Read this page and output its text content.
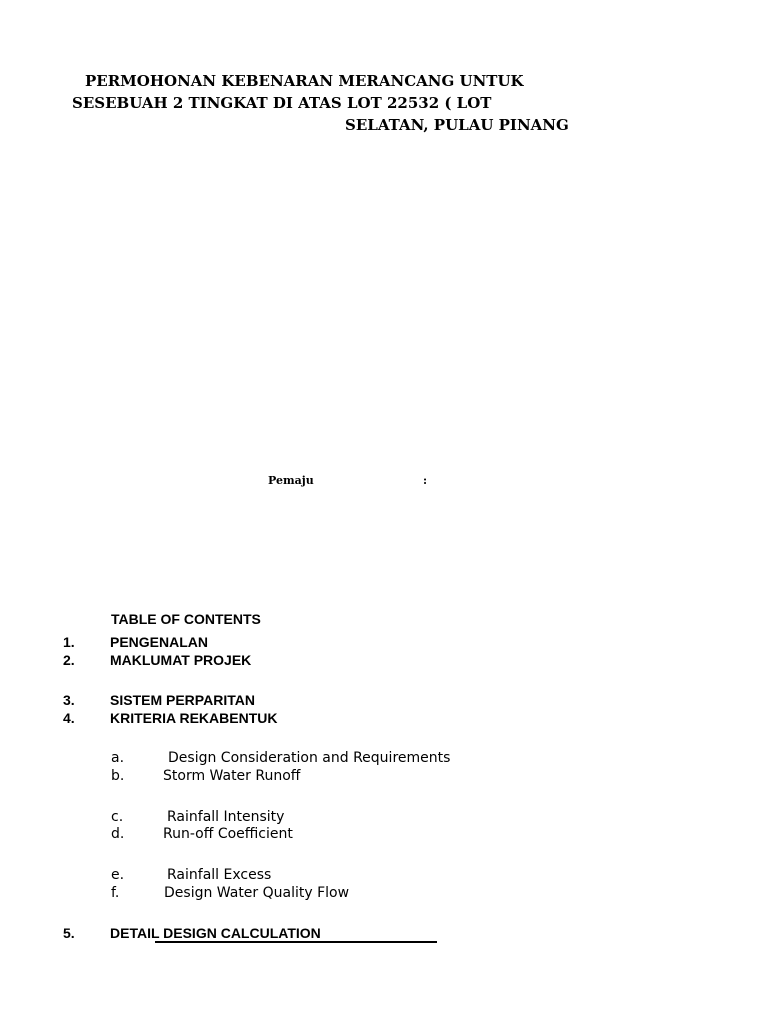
PERMOHONAN KEBENARAN MERANCANG UNTUK
SESEBUAH 2 TINGKAT DI ATAS LOT 22532 ( LOT
SELATAN, PULAU PINANG
Pemaju	:
TABLE OF CONTENTS
1.	PENGENALAN
2.	MAKLUMAT PROJEK
3.	SISTEM PERPARITAN
4.	KRITERIA REKABENTUK
a.	Design Consideration and Requirements
b.	Storm Water Runoff
c.	Rainfall Intensity
d.	Run-off Coefficient
e.	Rainfall Excess
f.	Design Water Quality Flow
5.	DETAIL DESIGN CALCULATION
